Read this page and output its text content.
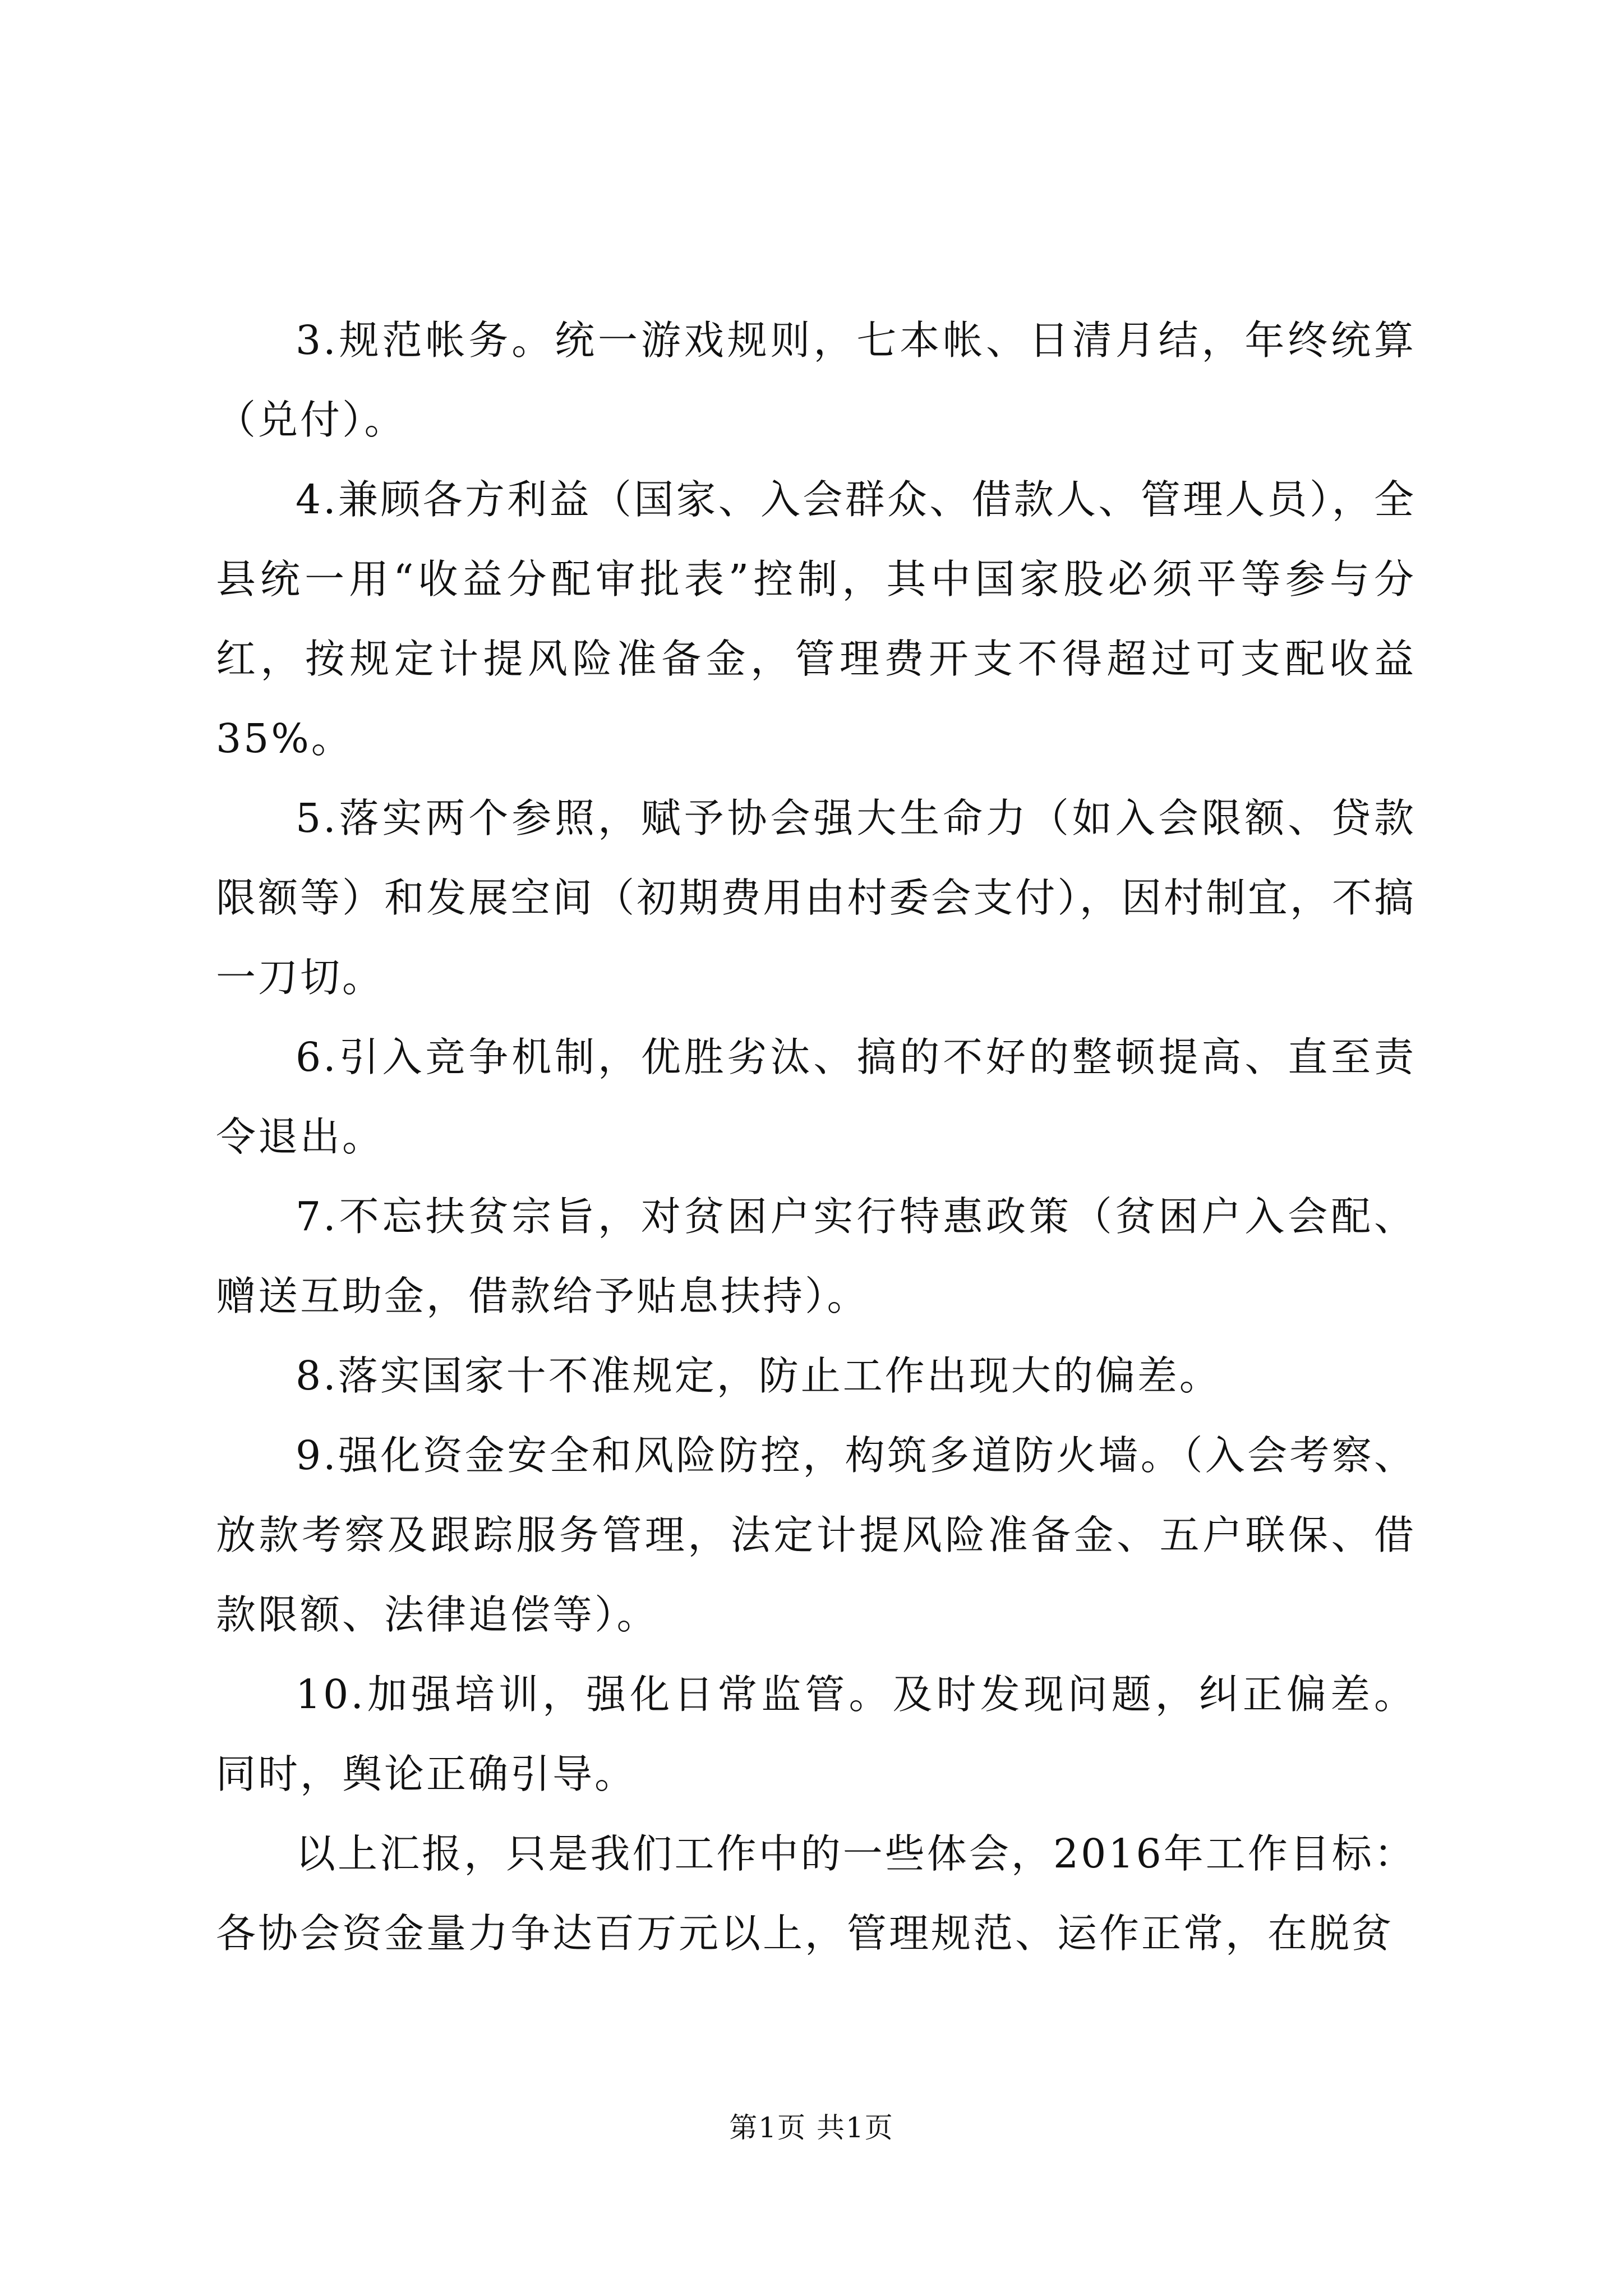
3.规范帐务。统一游戏规则，七本帐、日清月结，年终统算（兑付）。

4.兼顾各方利益（国家、入会群众、借款人、管理人员），全县统一用“收益分配审批表”控制，其中国家股必须平等参与分红，按规定计提风险准备金，管理费开支不得超过可支配收益35%。

5.落实两个参照，赋予协会强大生命力（如入会限额、贷款限额等）和发展空间（初期费用由村委会支付），因村制宜，不搞一刀切。

6.引入竞争机制，优胜劣汰、搞的不好的整顿提高、直至责令退出。

7.不忘扶贫宗旨，对贫困户实行特惠政策（贫困户入会配、赠送互助金，借款给予贴息扶持）。

8.落实国家十不准规定，防止工作出现大的偏差。

9.强化资金安全和风险防控，构筑多道防火墙。（入会考察、放款考察及跟踪服务管理，法定计提风险准备金、五户联保、借款限额、法律追偿等）。

10.加强培训，强化日常监管。及时发现问题，纠正偏差。同时，舆论正确引导。

以上汇报，只是我们工作中的一些体会，2016年工作目标：各协会资金量力争达百万元以上，管理规范、运作正常，在脱贫

第1页 共1页
